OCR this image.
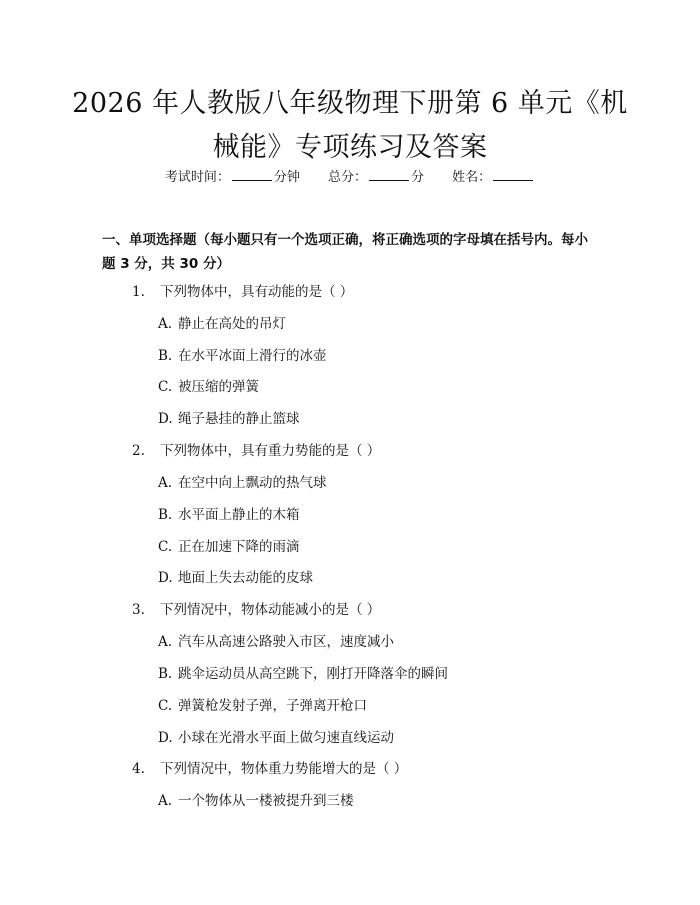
2026 年人教版八年级物理下册第 6 单元《机械能》专项练习及答案
考试时间：	分钟 总分：	分 姓名：
一、单项选择题（每小题只有一个选项正确，将正确选项的字母填在括号内。每小题 3 分，共 30 分）
1. 下列物体中，具有动能的是（ ）
A. 静止在高处的吊灯
B. 在水平冰面上滑行的冰壶
C. 被压缩的弹簧
D. 绳子悬挂的静止篮球
2. 下列物体中，具有重力势能的是（ ）
A. 在空中向上飘动的热气球
B. 水平面上静止的木箱
C. 正在加速下降的雨滴
D. 地面上失去动能的皮球
3. 下列情况中，物体动能减小的是（ ）
A. 汽车从高速公路驶入市区，速度减小
B. 跳伞运动员从高空跳下，刚打开降落伞的瞬间
C. 弹簧枪发射子弹，子弹离开枪口
D. 小球在光滑水平面上做匀速直线运动
4. 下列情况中，物体重力势能增大的是（ ）
A. 一个物体从一楼被提升到三楼
